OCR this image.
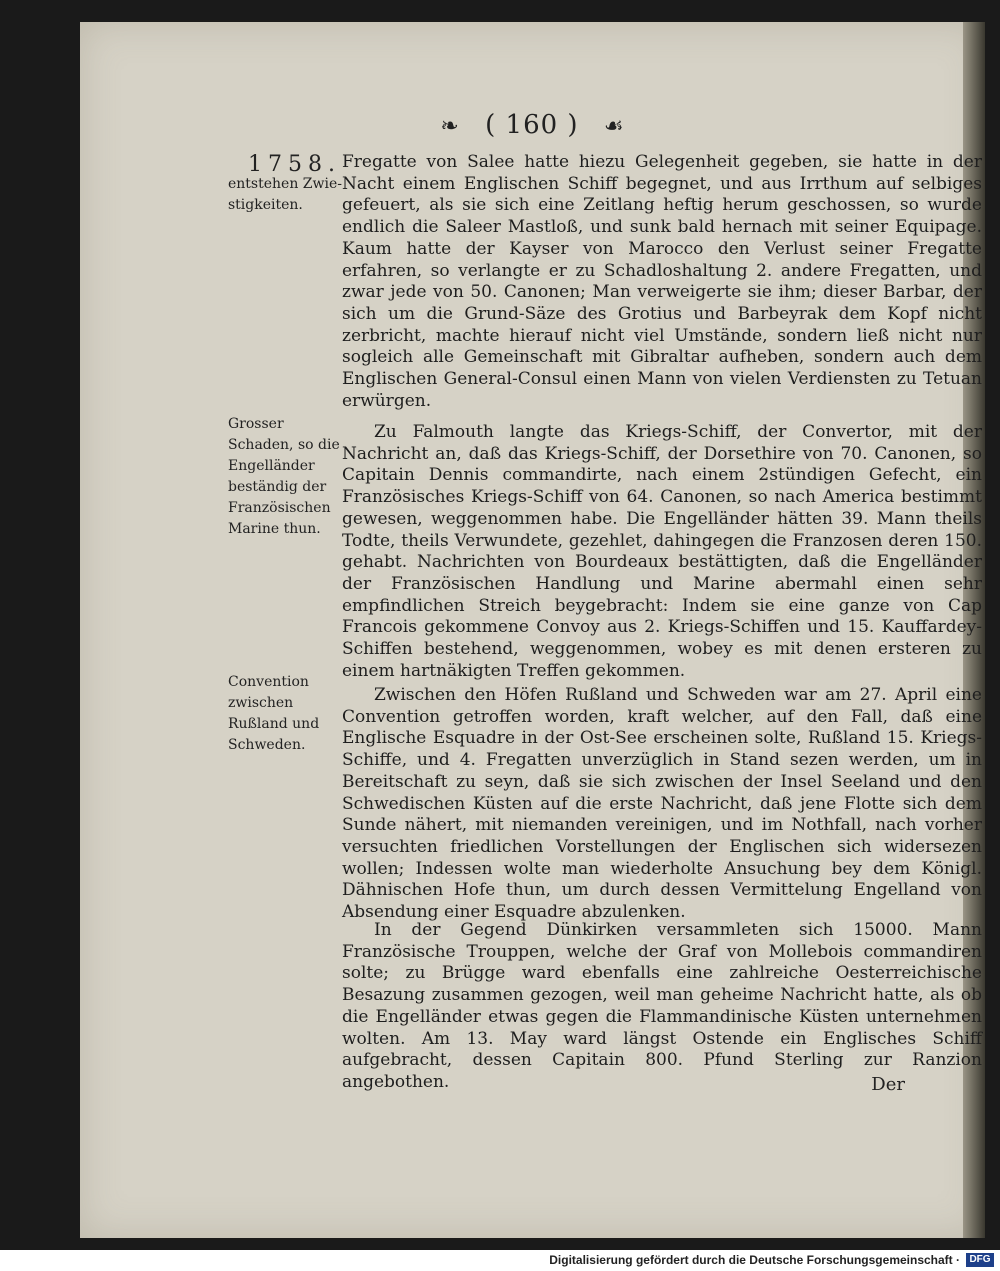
❧ ( 160 ) ☙
1758.
entstehen Zwie-stigkeiten.
Grosser Schaden, so die Engelländer beständig der Französischen Marine thun.
Convention zwischen Rußland und Schweden.

Fregatte von Salee hatte hiezu Gelegenheit gegeben, sie hatte in der Nacht einem Englischen Schiff begegnet, und aus Irrthum auf selbiges gefeuert, als sie sich eine Zeitlang heftig herum geschossen, so wurde endlich die Saleer Mastloß, und sunk bald hernach mit seiner Equipage. Kaum hatte der Kayser von Marocco den Verlust seiner Fregatte erfahren, so verlangte er zu Schadloshaltung 2. andere Fregatten, und zwar jede von 50. Canonen; Man verweigerte sie ihm; dieser Barbar, der sich um die Grund-Säze des Grotius und Barbeyrak dem Kopf nicht zerbricht, machte hierauf nicht viel Umstände, sondern ließ nicht nur sogleich alle Gemeinschaft mit Gibraltar aufheben, sondern auch dem Englischen General-Consul einen Mann von vielen Verdiensten zu Tetuan erwürgen.

Zu Falmouth langte das Kriegs-Schiff, der Convertor, mit der Nachricht an, daß das Kriegs-Schiff, der Dorsethire von 70. Canonen, so Capitain Dennis commandirte, nach einem 2stündigen Gefecht, ein Französisches Kriegs-Schiff von 64. Canonen, so nach America bestimmt gewesen, weggenommen habe. Die Engelländer hätten 39. Mann theils Todte, theils Verwundete, gezehlet, dahingegen die Franzosen deren 150. gehabt. Nachrichten von Bourdeaux bestättigten, daß die Engelländer der Französischen Handlung und Marine abermahl einen sehr empfindlichen Streich beygebracht: Indem sie eine ganze von Cap Francois gekommene Convoy aus 2. Kriegs-Schiffen und 15. Kauffardey-Schiffen bestehend, weggenommen, wobey es mit denen ersteren zu einem hartnäkigten Treffen gekommen.

Zwischen den Höfen Rußland und Schweden war am 27. April eine Convention getroffen worden, kraft welcher, auf den Fall, daß eine Englische Esquadre in der Ost-See erscheinen solte, Rußland 15. Kriegs-Schiffe, und 4. Fregatten unverzüglich in Stand sezen werden, um in Bereitschaft zu seyn, daß sie sich zwischen der Insel Seeland und den Schwedischen Küsten auf die erste Nachricht, daß jene Flotte sich dem Sunde nähert, mit niemanden vereinigen, und im Nothfall, nach vorher versuchten friedlichen Vorstellungen der Englischen sich widersezen wollen; Indessen wolte man wiederholte Ansuchung bey dem Königl. Dähnischen Hofe thun, um durch dessen Vermittelung Engelland von Absendung einer Esquadre abzulenken.

In der Gegend Dünkirken versammleten sich 15000. Mann Französische Trouppen, welche der Graf von Mollebois commandiren solte; zu Brügge ward ebenfalls eine zahlreiche Oesterreichische Besazung zusammen gezogen, weil man geheime Nachricht hatte, als ob die Engelländer etwas gegen die Flammandinische Küsten unternehmen wolten. Am 13. May ward längst Ostende ein Englisches Schiff aufgebracht, dessen Capitain 800. Pfund Sterling zur Ranzion angebothen.	Der
Digitalisierung gefördert durch die Deutsche Forschungsgemeinschaft · DFG
